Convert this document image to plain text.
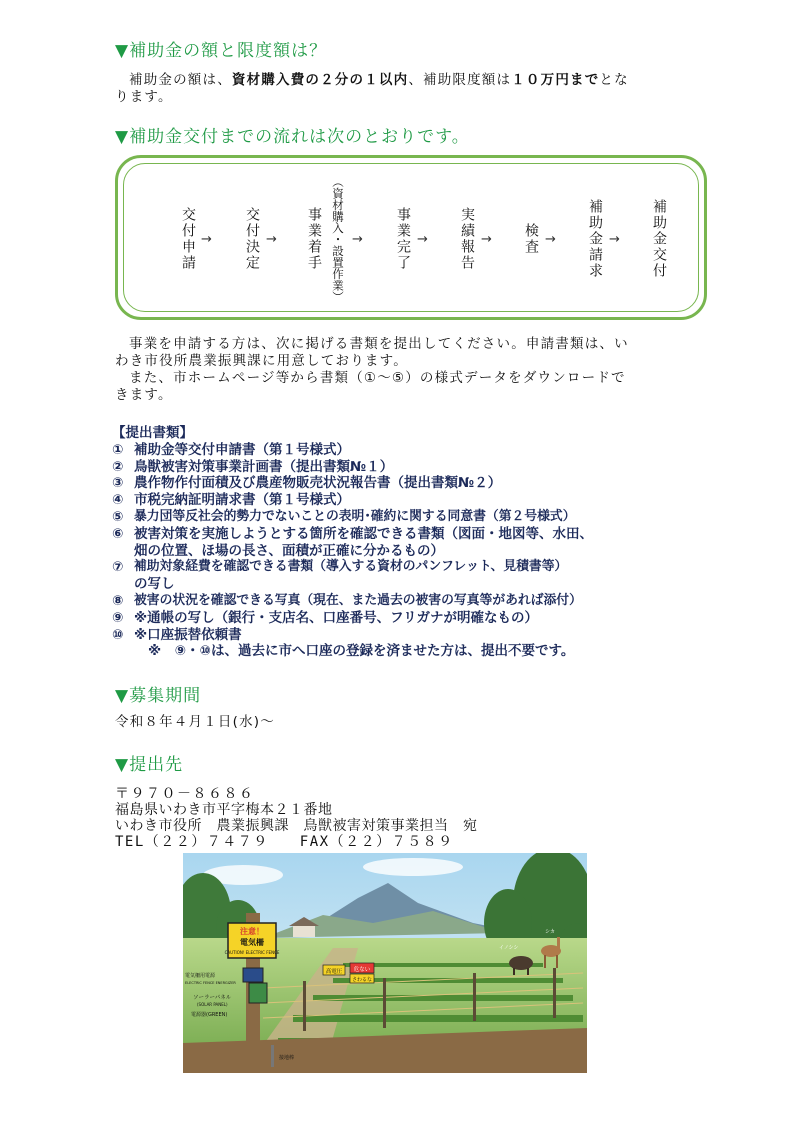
▼補助金の額と限度額は？
補助金の額は、資材購入費の２分の１以内、補助限度額は１０万円までとな
ります。
▼補助金交付までの流れは次のとおりです。
交付申請 → 交付決定 → 事業着手 （資材購入・設置作業） → 事業完了 → 実績報告 → 検査 → 補助金請求 → 補助金交付
事業を申請する方は、次に掲げる書類を提出してください。申請書類は、い
わき市役所農業振興課に用意しております。
また、市ホームページ等から書類（①～⑤）の様式データをダウンロードで
きます。
【提出書類】
① 補助金等交付申請書（第１号様式）
② 鳥獣被害対策事業計画書（提出書類№１）
③ 農作物作付面積及び農産物販売状況報告書（提出書類№２）
④ 市税完納証明請求書（第１号様式）
⑤ 暴力団等反社会的勢力でないことの表明･確約に関する同意書（第２号様式）
⑥ 被害対策を実施しようとする箇所を確認できる書類（図面・地図等、水田、
畑の位置、ほ場の長さ、面積が正確に分かるもの）
⑦ 補助対象経費を確認できる書類（導入する資材のパンフレット、見積書等）
の写し
⑧ 被害の状況を確認できる写真（現在、また過去の被害の写真等があれば添付）
⑨ ※通帳の写し（銀行・支店名、口座番号、フリガナが明確なもの）
⑩ ※口座振替依頼書
※　⑨・⑩は、過去に市へ口座の登録を済ませた方は、提出不要です。
▼募集期間
令和８年４月１日(水)～
▼提出先
〒９７０－８６８６
福島県いわき市平字梅本２１番地
いわき市役所　農業振興課　鳥獣被害対策事業担当　宛
TEL（２２）７４７９　　FAX（２２）７５８９
注意！
電気柵
CAUTION! ELECTRIC FENCE
電気柵用電源
ELECTRIC FENCE ENERGIZER
ソーラーパネル
(SOLAR PANEL)
電源器(GREEN)
接地棒
高電圧 危ない
さわるな
イノシシ
シカ
